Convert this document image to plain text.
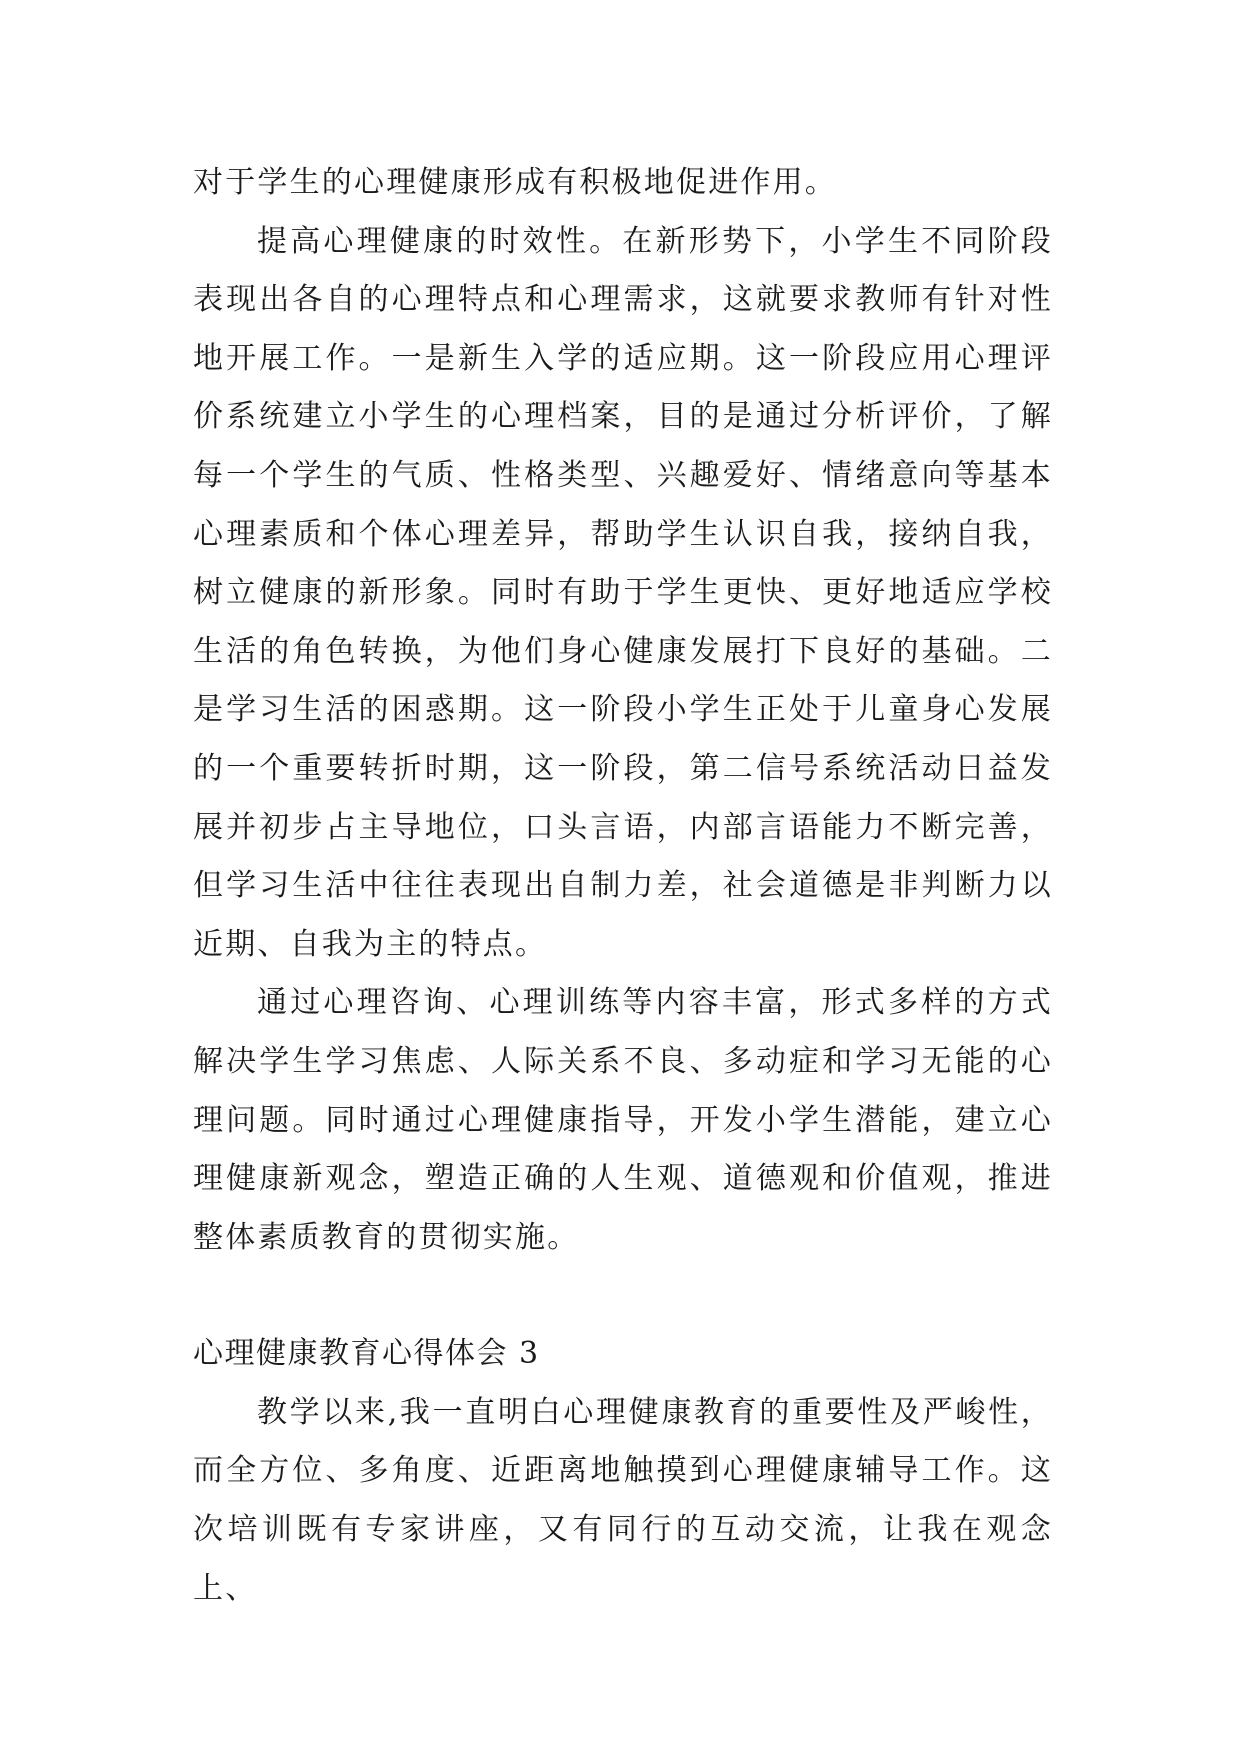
对于学生的心理健康形成有积极地促进作用。

提高心理健康的时效性。在新形势下，小学生不同阶段表现出各自的心理特点和心理需求，这就要求教师有针对性地开展工作。一是新生入学的适应期。这一阶段应用心理评价系统建立小学生的心理档案，目的是通过分析评价，了解每一个学生的气质、性格类型、兴趣爱好、情绪意向等基本心理素质和个体心理差异，帮助学生认识自我，接纳自我，树立健康的新形象。同时有助于学生更快、更好地适应学校生活的角色转换，为他们身心健康发展打下良好的基础。二是学习生活的困惑期。这一阶段小学生正处于儿童身心发展的一个重要转折时期，这一阶段，第二信号系统活动日益发展并初步占主导地位，口头言语，内部言语能力不断完善，但学习生活中往往表现出自制力差，社会道德是非判断力以近期、自我为主的特点。

通过心理咨询、心理训练等内容丰富，形式多样的方式解决学生学习焦虑、人际关系不良、多动症和学习无能的心理问题。同时通过心理健康指导，开发小学生潜能，建立心理健康新观念，塑造正确的人生观、道德观和价值观，推进整体素质教育的贯彻实施。

心理健康教育心得体会 3

教学以来,我一直明白心理健康教育的重要性及严峻性，而全方位、多角度、近距离地触摸到心理健康辅导工作。这次培训既有专家讲座，又有同行的互动交流，让我在观念上、
